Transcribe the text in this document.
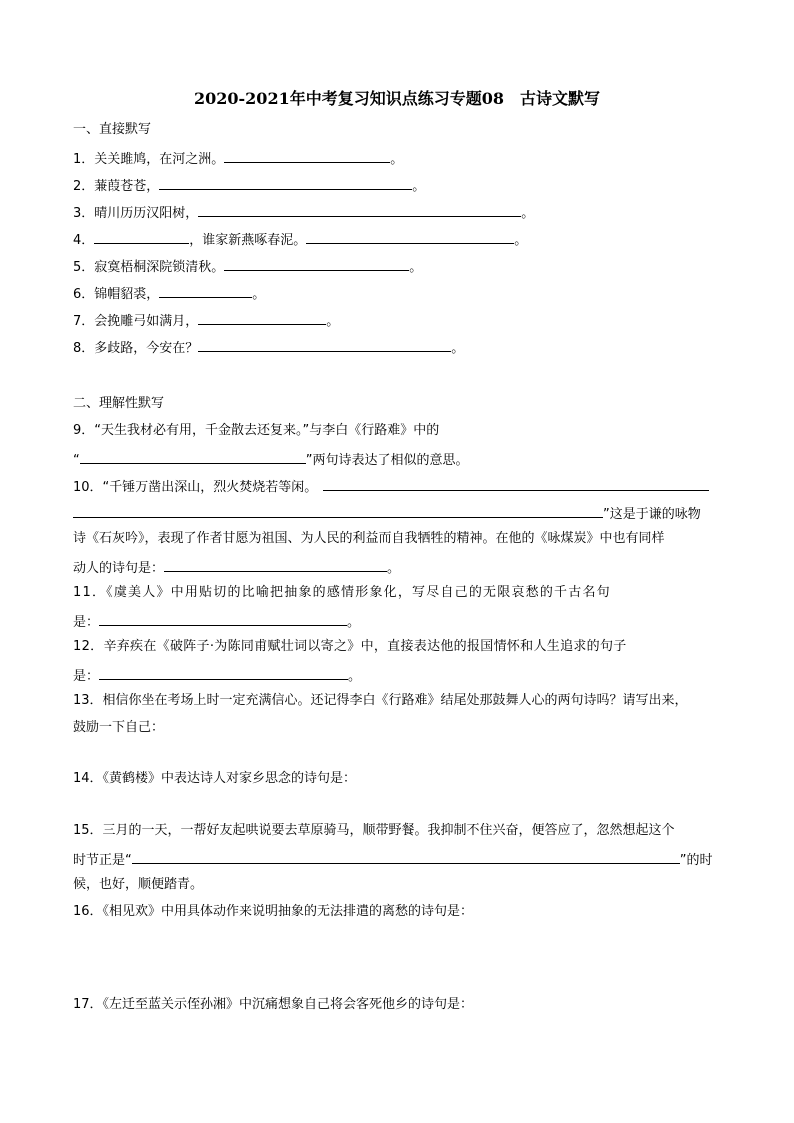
2020-2021年中考复习知识点练习专题08　古诗文默写
一、直接默写
1．关关雎鸠，在河之洲。	。
2．蒹葭苍苍，	。
3．晴川历历汉阳树，	。
4．	，谁家新燕啄春泥。	。
5．寂寞梧桐深院锁清秋。	。
6．锦帽貂裘，	。
7．会挽雕弓如满月，	。
8．多歧路，今安在？	。
二、理解性默写
9．“天生我材必有用，千金散去还复来。”与李白《行路难》中的
“	”两句诗表达了相似的意思。
10．“千锤万凿出深山，烈火焚烧若等闲。
”这是于谦的咏物
诗《石灰吟》，表现了作者甘愿为祖国、为人民的利益而自我牺牲的精神。在他的《咏煤炭》中也有同样
动人的诗句是：	。
11．《虞美人》中用贴切的比喻把抽象的感情形象化，写尽自己的无限哀愁的千古名句
是：	。
12．辛弃疾在《破阵子·为陈同甫赋壮词以寄之》中，直接表达他的报国情怀和人生追求的句子
是：	。
13．相信你坐在考场上时一定充满信心。还记得李白《行路难》结尾处那鼓舞人心的两句诗吗？请写出来，
鼓励一下自己：
14．《黄鹤楼》中表达诗人对家乡思念的诗句是：
15．三月的一天，一帮好友起哄说要去草原骑马，顺带野餐。我抑制不住兴奋，便答应了，忽然想起这个
时节正是“	”的时
候，也好，顺便踏青。
16．《相见欢》中用具体动作来说明抽象的无法排遣的离愁的诗句是：
17．《左迁至蓝关示侄孙湘》中沉痛想象自己将会客死他乡的诗句是：
